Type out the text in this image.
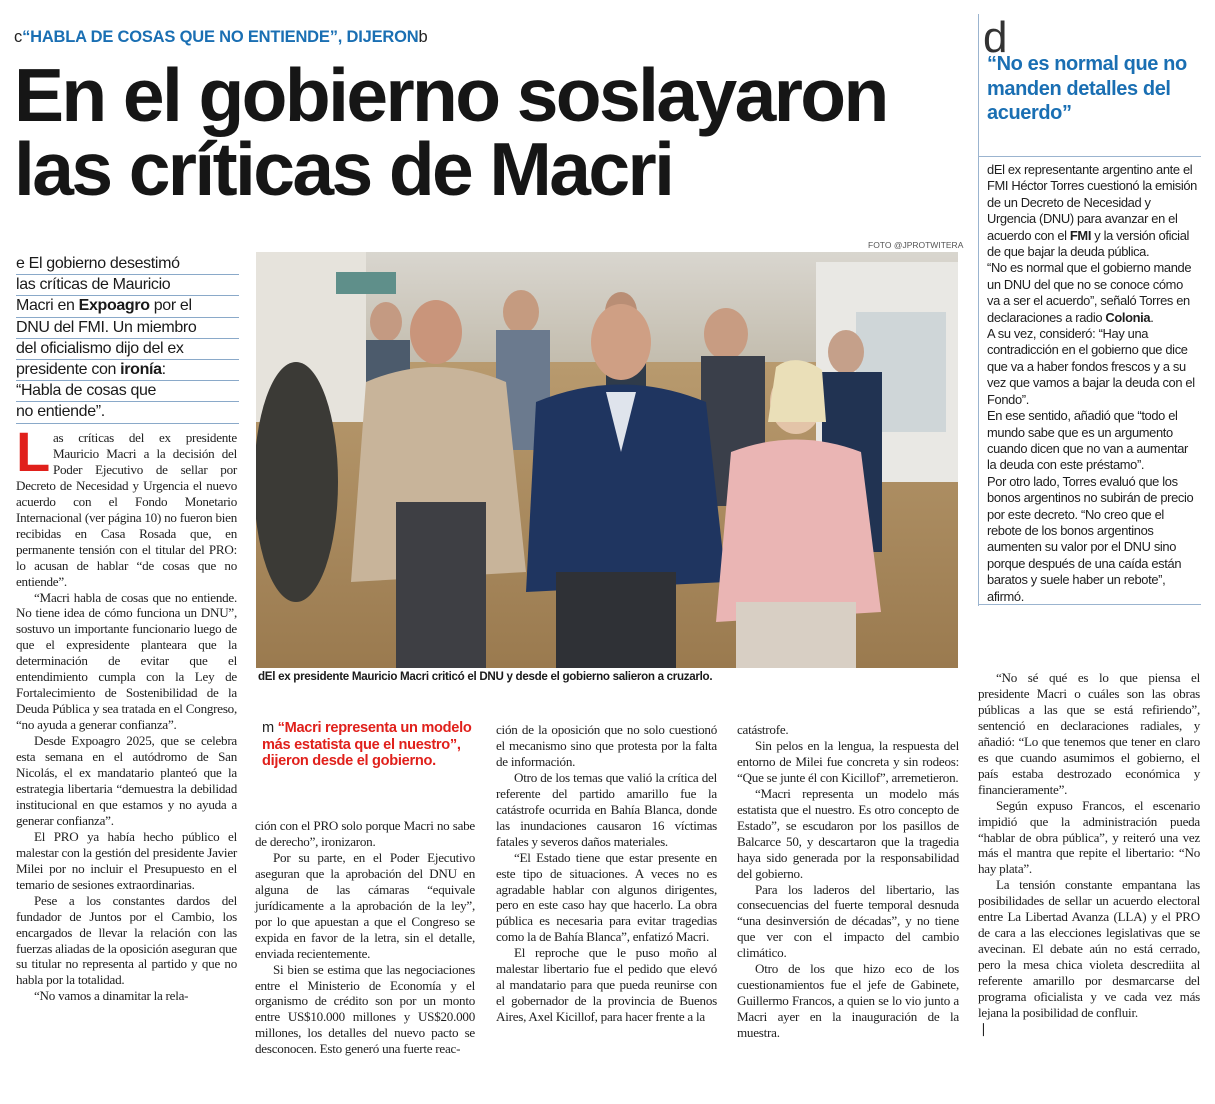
c“HABLA DE COSAS QUE NO ENTIENDE”, DIJERONb
En el gobierno soslayaron las críticas de Macri
FOTO @JPROTWITERA
e El gobierno desestimó
las críticas de Mauricio
Macri en Expoagro por el
DNU del FMI. Un miembro
del oficialismo dijo del ex
presidente con ironía:
“Habla de cosas que
no entiende”.
dEl ex presidente Mauricio Macri criticó el DNU y desde el gobierno salieron a cruzarlo.

Las críticas del ex presidente Mauricio Macri a la decisión del Poder Ejecutivo de sellar por Decreto de Necesidad y Urgencia el nuevo acuerdo con el Fondo Monetario Internacional (ver página 10) no fueron bien recibidas en Casa Rosada que, en permanente tensión con el titular del PRO: lo acusan de hablar “de cosas que no entiende”.

“Macri habla de cosas que no entiende. No tiene idea de cómo funciona un DNU”, sostuvo un importante funcionario luego de que el expresidente planteara que la determinación de evitar que el entendimiento cumpla con la Ley de Fortalecimiento de Sostenibilidad de la Deuda Pública y sea tratada en el Congreso, “no ayuda a generar confianza”.

Desde Expoagro 2025, que se celebra esta semana en el autódromo de San Nicolás, el ex mandatario planteó que la estrategia libertaria “demuestra la debilidad institucional en que estamos y no ayuda a generar confianza”.

El PRO ya había hecho público el malestar con la gestión del presidente Javier Milei por no incluir el Presupuesto en el temario de sesiones extraordinarias.

Pese a los constantes dardos del fundador de Juntos por el Cambio, los encargados de llevar la relación con las fuerzas aliadas de la oposición aseguran que su titular no representa al partido y que no habla por la totalidad.

“No vamos a dinamitar la rela-

m “Macri representa un modelo más estatista que el nuestro”, dijeron desde el gobierno.

ción con el PRO solo porque Macri no sabe de derecho”, ironizaron.

Por su parte, en el Poder Ejecutivo aseguran que la aprobación del DNU en alguna de las cámaras “equivale jurídicamente a la aprobación de la ley”, por lo que apuestan a que el Congreso se expida en favor de la letra, sin el detalle, enviada recientemente.

Si bien se estima que las negociaciones entre el Ministerio de Economía y el organismo de crédito son por un monto entre US$10.000 millones y US$20.000 millones, los detalles del nuevo pacto se desconocen. Esto generó una fuerte reac-

ción de la oposición que no solo cuestionó el mecanismo sino que protesta por la falta de información.

Otro de los temas que valió la crítica del referente del partido amarillo fue la catástrofe ocurrida en Bahía Blanca, donde las inundaciones causaron 16 víctimas fatales y severos daños materiales.

“El Estado tiene que estar presente en este tipo de situaciones. A veces no es agradable hablar con algunos dirigentes, pero en este caso hay que hacerlo. La obra pública es necesaria para evitar tragedias como la de Bahía Blanca”, enfatizó Macri.

El reproche que le puso moño al malestar libertario fue el pedido que elevó al mandatario para que pueda reunirse con el gobernador de la provincia de Buenos Aires, Axel Kicillof, para hacer frente a la

catástrofe.

Sin pelos en la lengua, la respuesta del entorno de Milei fue concreta y sin rodeos: “Que se junte él con Kicillof”, arremetieron.

“Macri representa un modelo más estatista que el nuestro. Es otro concepto de Estado”, se escudaron por los pasillos de Balcarce 50, y descartaron que la tragedia haya sido generada por la responsabilidad del gobierno.

Para los laderos del libertario, las consecuencias del fuerte temporal desnuda “una desinversión de décadas”, y no tiene que ver con el impacto del cambio climático.

Otro de los que hizo eco de los cuestionamientos fue el jefe de Gabinete, Guillermo Francos, a quien se lo vio junto a Macri ayer en la inauguración de la muestra.

“No sé qué es lo que piensa el presidente Macri o cuáles son las obras públicas a las que se está refiriendo”, sentenció en declaraciones radiales, y añadió: “Lo que tenemos que tener en claro es que cuando asumimos el gobierno, el país estaba destrozado económica y financieramente”.

Según expuso Francos, el escenario impidió que la administración pueda “hablar de obra pública”, y reiteró una vez más el mantra que repite el libertario: “No hay plata”.

La tensión constante empantana las posibilidades de sellar un acuerdo electoral entre La Libertad Avanza (LLA) y el PRO de cara a las elecciones legislativas que se avecinan. El debate aún no está cerrado, pero la mesa chica violeta descrediita al referente amarillo por desmarcarse del programa oficialista y ve cada vez más lejana la posibilidad de confluir.

❘

d
“No es normal que no manden detalles del acuerdo”

dEl ex representante argentino ante el FMI Héctor Torres cuestionó la emisión de un Decreto de Necesidad y Urgencia (DNU) para avanzar en el acuerdo con el FMI y la versión oficial de que bajar la deuda pública.

“No es normal que el gobierno mande un DNU del que no se conoce cómo va a ser el acuerdo”, señaló Torres en declaraciones a radio Colonia.

A su vez, consideró: “Hay una contradicción en el gobierno que dice que va a haber fondos frescos y a su vez que vamos a bajar la deuda con el Fondo”.

En ese sentido, añadió que “todo el mundo sabe que es un argumento cuando dicen que no van a aumentar la deuda con este préstamo”.

Por otro lado, Torres evaluó que los bonos argentinos no subirán de precio por este decreto. “No creo que el rebote de los bonos argentinos aumenten su valor por el DNU sino porque después de una caída están baratos y suele haber un rebote”, afirmó.
